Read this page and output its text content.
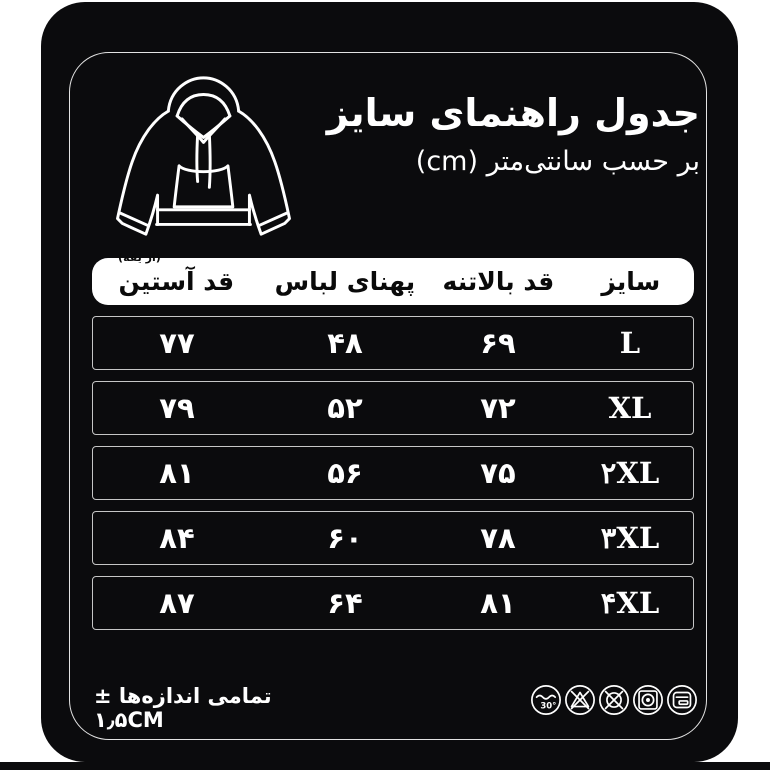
جدول راهنمای سایز
بر حسب سانتی‌متر (cm)
سایز
قد بالاتنه
پهنای لباس
(از یقه)
قد آستین
L
۶۹
۴۸
۷۷
XL
۷۲
۵۲
۷۹
۲XL
۷۵
۵۶
۸۱
۳XL
۷۸
۶۰
۸۴
۴XL
۸۱
۶۴
۸۷
تمامی اندازه‌ها ± ۱٫۵CM
30°
